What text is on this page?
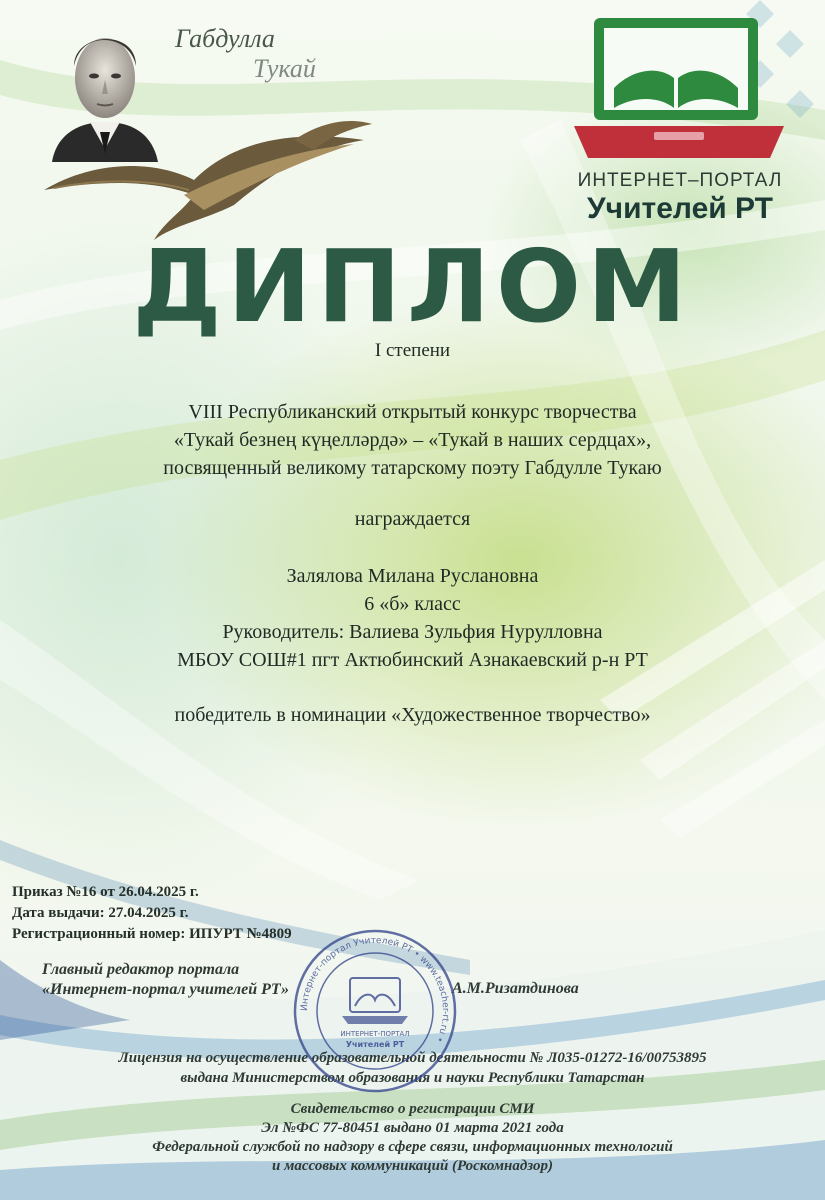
Габдулла
Тукай
ИНТЕРНЕТ–ПОРТАЛ
Учителей РТ
ДИПЛОМ
I степени
VIII Республиканский открытый конкурс творчества
«Тукай безнең күңелләрдә» – «Тукай в наших сердцах»,
посвященный великому татарскому поэту Габдулле Тукаю
награждается
Залялова Милана Руслановна
6 «б» класс
Руководитель: Валиева Зульфия Нурулловна
МБОУ СОШ#1 пгт Актюбинский Азнакаевский р-н РТ
победитель в номинации «Художественное творчество»
Приказ №16 от 26.04.2025 г.
Дата выдачи: 27.04.2025 г.
Регистрационный номер: ИПУРТ №4809
Главный редактор портала
«Интернет-портал учителей РТ»	А.М.Ризатдинова
Лицензия на осуществление образовательной деятельности № Л035-01272-16/00753895
выдана Министерством образования и науки Республики Татарстан
Свидетельство о регистрации СМИ
Эл №ФС 77-80451 выдано 01 марта 2021 года
Федеральной службой по надзору в сфере связи, информационных технологий
и массовых коммуникаций (Роскомнадзор)
Интернет-портал Учителей РТ • www.teacher-rt.ru •
ИНТЕРНЕТ-ПОРТАЛ
Учителей РТ
